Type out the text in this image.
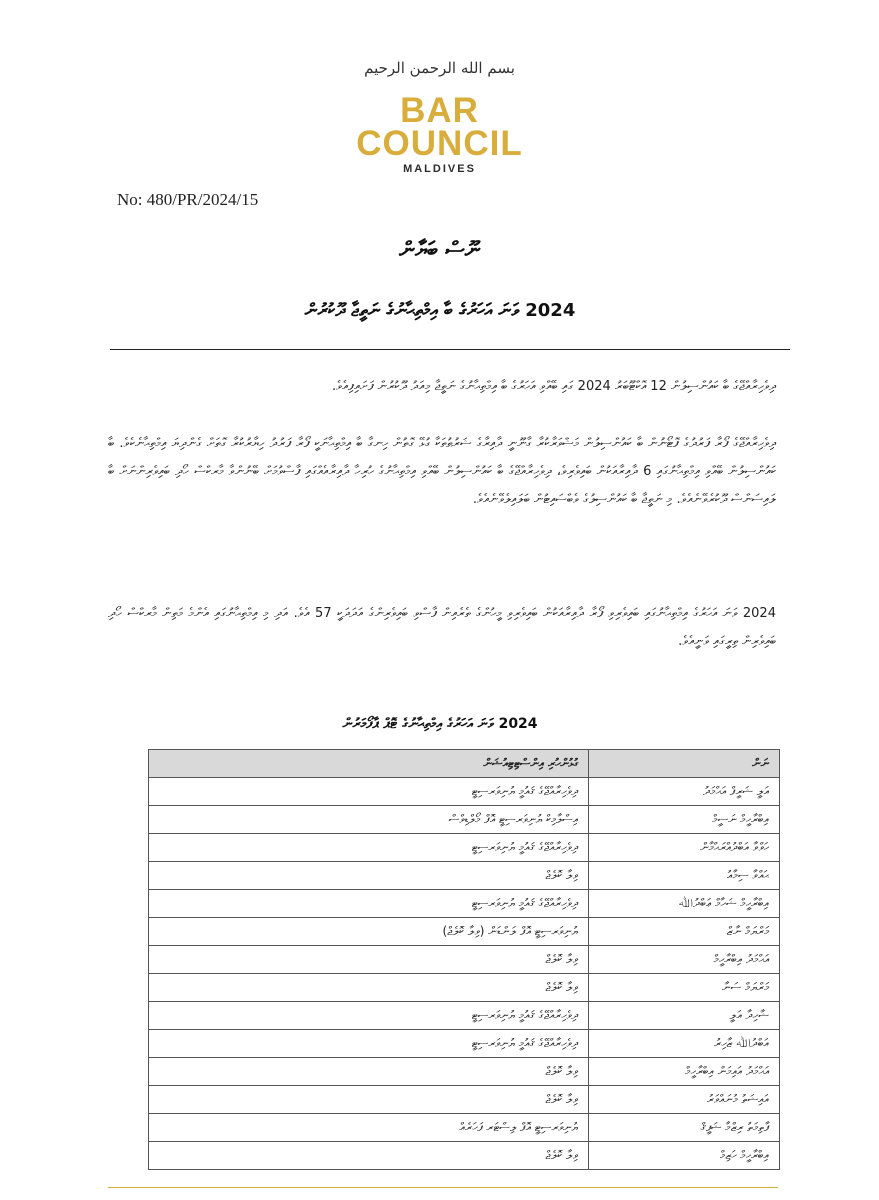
بسم الله الرحمن الرحيم
BAR
COUNCIL
MALDIVES
No: 480/PR/2024/15
ނޫސް ބަޔާން
2024 ވަނަ އަހަރުގެ ބާ އިމްތިޙާނުގެ ނަތީޖާ ދޫކުރުން
ދިވެހިރާއްޖޭގެ ބާ ކައުންސިލުން 12 އޮކްޓޫބަރު 2024 ގައި ބޭއްވި އަހަރުގެ ބާ އިމްތިޙާނުގެ ނަތީޖާ މިއަދު ދޫކުރުން ފަށައިފިއެވެ.
ދިވެހިރާއްޖޭގެ ފޯރާ ފަރުދުގެ ފޮޓޯނުން ބާ ކައުންސިލުން މަޝްވަރާކުރާ ގާނޫނީ ދާއިރާގެ ޝަރުޠުތަކާ ގުޅޭ ގޮތުން ހިނގާ ބާ އިމްތިޙާނަކީ ފޯރާ ފަރުދު ހިޔާރުކުރާ ގޮތަށް ގެންދިޔަ އިމްތިޙާނެކެވެ. ބާ ކައުންސިލުން ބޭއްވި އިމްތިޙާނުގައި 6 ދާއިރާއަކުން ބައިވެރިވެ، ދިވެހިރާއްޖޭގެ ބާ ކައުންސިލުން ބޭއްވި އިމްތިޙާނުގެ ހުރިހާ ދާއިރާއެއްގައި ފާސްވުމަށް ބޭނުންވާ މާރކްސް ހޯދި ބައިވެރިންނަށް ބާ ލައިސަންސް ދޫކުރެވޭނެއެވެ. މި ނަތީޖާ ބާ ކައުންސިލުގެ ވެބްސައިޓުން ބަލައިލެވޭނެއެވެ.
2024 ވަނަ އަހަރުގެ އިމްތިޙާނުގައި ބައިވެރިވި ފޯރާ ދާއިރާއަކުން ބައިވެރިވި މީހުންގެ ތެރެއިން ފާސްވި ބައިވެރިންގެ އަދަދަކީ 57 އެވެ. އަދި މި އިމްތިޙާނުގައި އެންމެ މަތިން މާރކްސް ހޯދި ބައިވެރިން ތިރީގައި ވަނީއެވެ.
2024 ވަނަ އަހަރުގެ އިމްތިޙާނުގެ ޓޮޕް ޕާފޯމަރުން
ނަން	ގުޅުންހުރި އިންސްޓިޓިއުޝަން
އަލީ ޝަރީފް އަޙްމަދު	ދިވެހިރާއްޖޭގެ ޤައުމީ ޔުނިވަރސިޓީ
އިބްރާހީމް ނަސީމް	އިސްލާމިކް ޔުނިވަރސިޓީ އޮފް މޯލްޑިވްސް
ހަވްވާ އަބްދުއްރަޙްމާން	ދިވެހިރާއްޖޭގެ ޤައުމީ ޔުނިވަރސިޓީ
ޙައްވާ ސިމާއު	ވިލާ ކޮލެޖް
އިބްރާހީމް ޝަހާމް ޢަބްދުﷲ	ދިވެހިރާއްޖޭގެ ޤައުމީ ޔުނިވަރސިޓީ
މަރްޔަމް ނާޒް	ޔުނިވަރސިޓީ އޮފް ލަންޑަން (ވިލާ ކޮލެޖް)
އަޙްމަދު އިބްރާހީމް	ވިލާ ކޮލެޖް
މަރްޔަމް ސަނާ	ވިލާ ކޮލެޖް
ޝާހިދާ އަލީ	ދިވެހިރާއްޖޭގެ ޤައުމީ ޔުނިވަރސިޓީ
އަބްދުﷲ ޒާހިރު	ދިވެހިރާއްޖޭގެ ޤައުމީ ޔުނިވަރސިޓީ
އަޙްމަދު އައިމަން އިބްރާހީމް	ވިލާ ކޮލެޖް
އައިޝަތު މުނައްވަރު	ވިލާ ކޮލެޖް
ފާތިމަތު ރިޒްމާ ޝަފީޤް	ޔުނިވަރސިޓީ އޮފް ލިސްޓަރ ފަހަރެއް
އިބްރާހީމް ހަޒިމް	ވިލާ ކޮލެޖް
